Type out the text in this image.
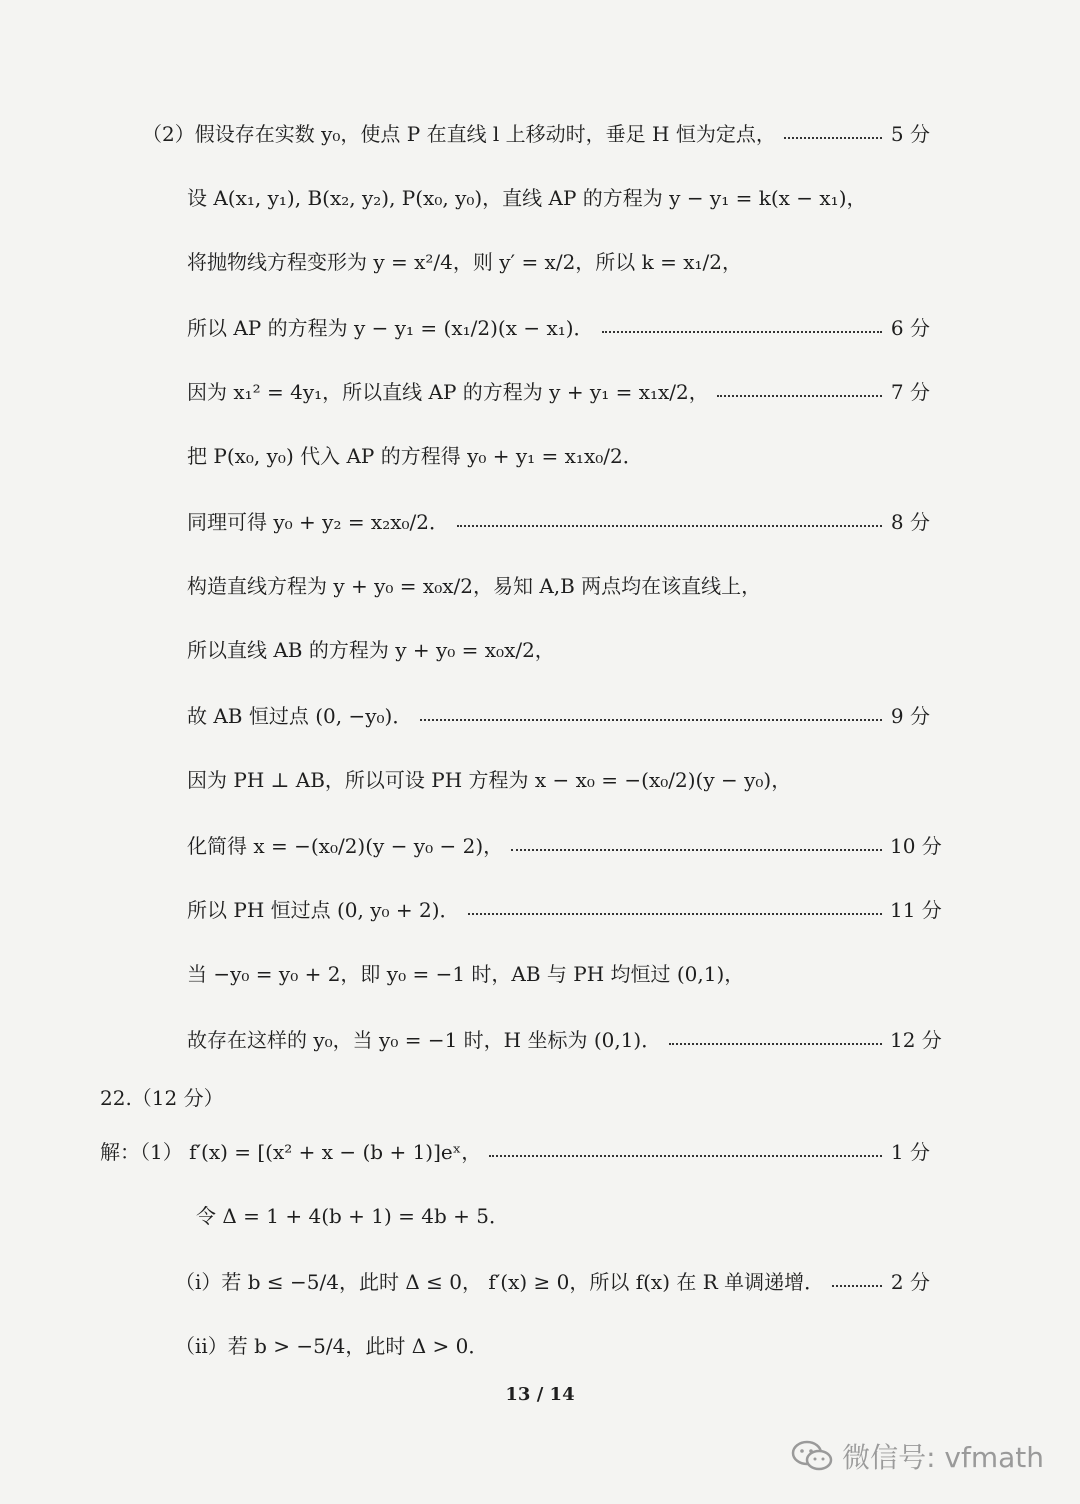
（2）假设存在实数 y₀，使点 P 在直线 l 上移动时，垂足 H 恒为定点，	5 分
设 A(x₁, y₁), B(x₂, y₂), P(x₀, y₀)，直线 AP 的方程为 y − y₁ = k(x − x₁)，
将抛物线方程变形为 y = x²/4，则 y′ = x/2，所以 k = x₁/2，
所以 AP 的方程为 y − y₁ = (x₁/2)(x − x₁)．	6 分
因为 x₁² = 4y₁，所以直线 AP 的方程为 y + y₁ = x₁x/2，	7 分
把 P(x₀, y₀) 代入 AP 的方程得 y₀ + y₁ = x₁x₀/2．
同理可得 y₀ + y₂ = x₂x₀/2．	8 分
构造直线方程为 y + y₀ = x₀x/2，易知 A,B 两点均在该直线上，
所以直线 AB 的方程为 y + y₀ = x₀x/2，
故 AB 恒过点 (0, −y₀)．	9 分
因为 PH ⊥ AB，所以可设 PH 方程为 x − x₀ = −(x₀/2)(y − y₀)，
化简得 x = −(x₀/2)(y − y₀ − 2)，	10 分
所以 PH 恒过点 (0, y₀ + 2)．	11 分
当 −y₀ = y₀ + 2，即 y₀ = −1 时，AB 与 PH 均恒过 (0,1)，
故存在这样的 y₀，当 y₀ = −1 时，H 坐标为 (0,1)．	12 分
22.（12 分）
解：（1） f′(x) = [(x² + x − (b + 1)]eˣ，	1 分
令 Δ = 1 + 4(b + 1) = 4b + 5．
（i）若 b ≤ −5/4，此时 Δ ≤ 0， f′(x) ≥ 0，所以 f(x) 在 R 单调递增．	2 分
（ii）若 b > −5/4，此时 Δ > 0．
13 / 14
微信号: vfmath
